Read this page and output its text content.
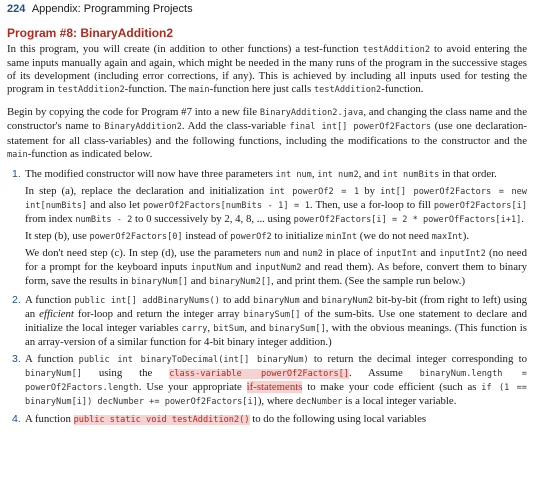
224 Appendix: Programming Projects
Program #8: BinaryAddition2

In this program, you will create (in addition to other functions) a test-function testAddition2 to avoid entering the same inputs manually again and again, which might be needed in the many runs of the program in the successive stages of its development (including error corrections, if any). This is achieved by including all inputs used for testing the program in testAddition2-function. The main-function here just calls testAddition2-function.

Begin by copying the code for Program #7 into a new file BinaryAddition2.java, and changing the class name and the constructor's name to BinaryAddition2. Add the class-variable final int[] powerOf2Factors (use one declaration-statement for all class-variables) and the following functions, including the modifications to the constructor and the main-function as indicated below.

1. The modified constructor will now have three parameters int num, int num2, and int numBits in that order.

In step (a), replace the declaration and initialization int powerOf2 = 1 by int[] powerOf2Factors = new int[numBits] and also let powerOf2Factors[numBits - 1] = 1. Then, use a for-loop to fill powerOf2Factors[i] from index numBits - 2 to 0 successively by 2, 4, 8, ... using powerOf2Factors[i] = 2 * powerOfFactors[i+1].

It step (b), use powerOf2Factors[0] instead of powerOf2 to initialize minInt (we do not need maxInt).

We don't need step (c). In step (d), use the parameters num and num2 in place of inputInt and inputInt2 (no need for a prompt for the keyboard inputs inputNum and inputNum2 and read them). As before, convert them to binary form, save the results in binaryNum[] and binaryNum2[], and print them. (See the sample run below.)

2. A function public int[] addBinaryNums() to add binaryNum and binaryNum2 bit-by-bit (from right to left) using an efficient for-loop and return the integer array binarySum[] of the sum-bits. Use one statement to declare and initialize the local integer variables carry, bitSum, and binarySum[], with the obvious meanings. (This function is an array-version of a similar function for 4-bit binary integer addition.)

3. A function public int binaryToDecimal(int[] binaryNum) to return the decimal integer corresponding to binaryNum[] using the class-variable powerOf2Factors[]. Assume binaryNum.length = powerOf2Factors.length. Use your appropriate if-statements to make your code efficient (such as if (1 == binaryNum[i]) decNumber += powerOf2Factors[i]), where decNumber is a local integer variable.

4. A function public static void testAddition2() to do the following using local variables
